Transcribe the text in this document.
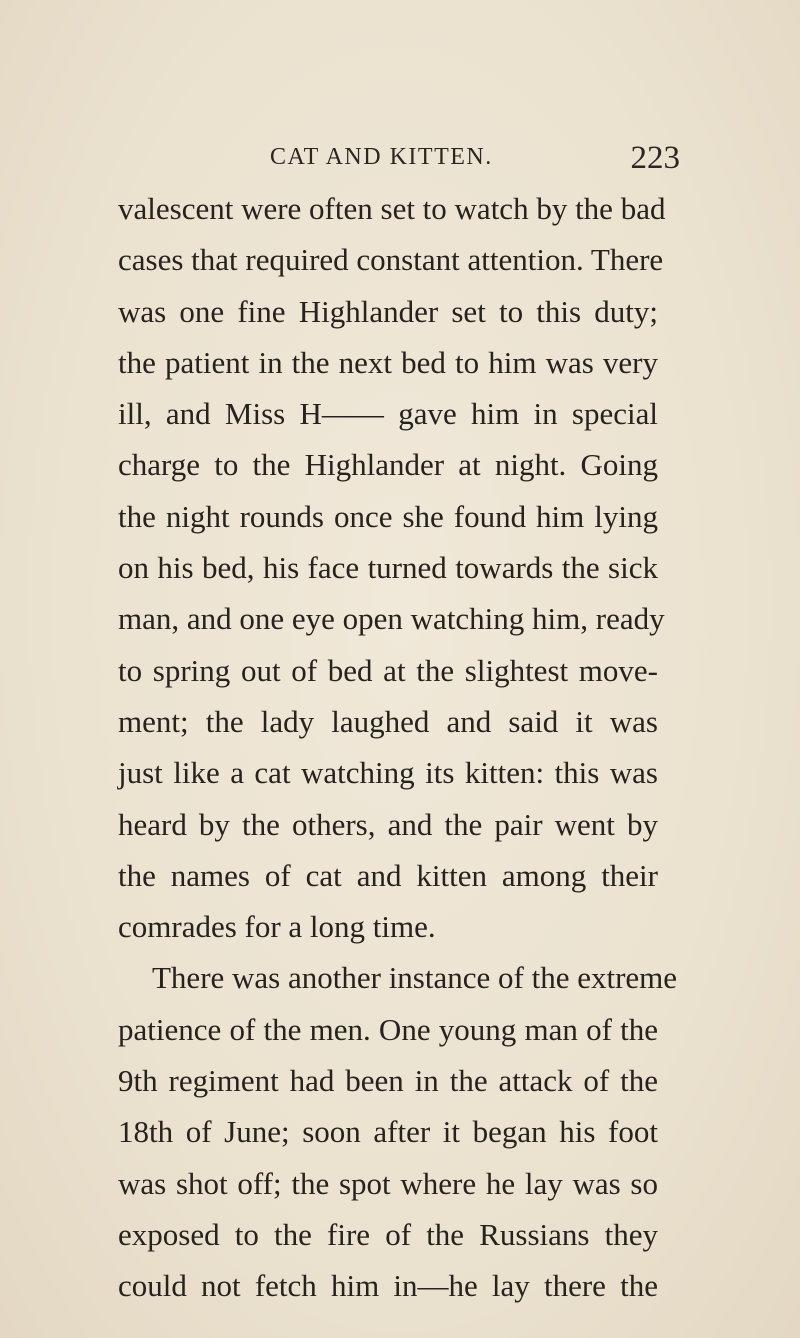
CAT AND KITTEN.	223
valescent were often set to watch by the bad
cases that required constant attention. There
was one fine Highlander set to this duty;
the patient in the next bed to him was very
ill, and Miss H—— gave him in special
charge to the Highlander at night. Going
the night rounds once she found him lying
on his bed, his face turned towards the sick
man, and one eye open watching him, ready
to spring out of bed at the slightest move-
ment; the lady laughed and said it was
just like a cat watching its kitten: this was
heard by the others, and the pair went by
the names of cat and kitten among their
comrades for a long time.
There was another instance of the extreme
patience of the men. One young man of the
9th regiment had been in the attack of the
18th of June; soon after it began his foot
was shot off; the spot where he lay was so
exposed to the fire of the Russians they
could not fetch him in—he lay there the
